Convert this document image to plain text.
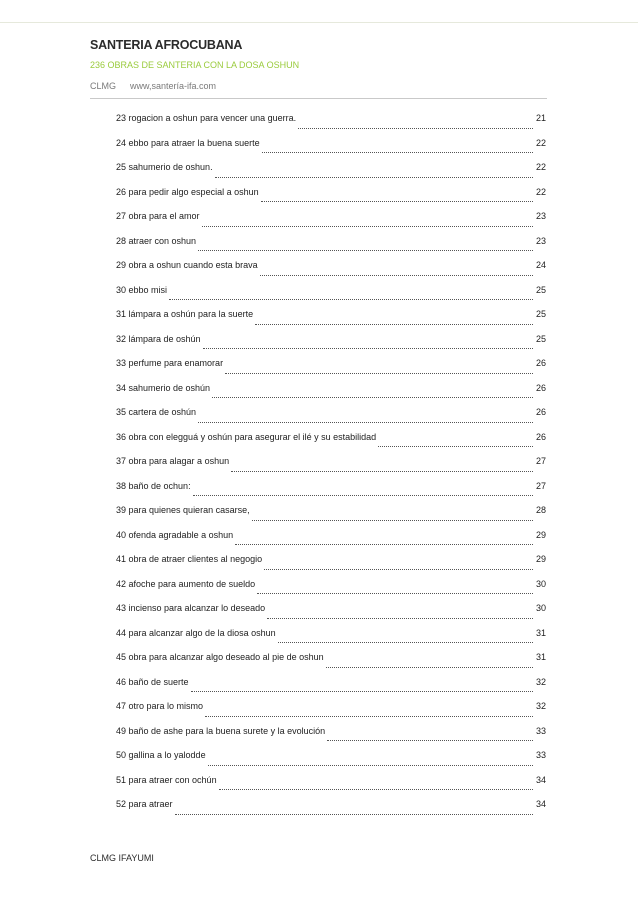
SANTERIA AFROCUBANA
236 OBRAS DE SANTERIA CON LA DOSA OSHUN
CLMG www,santería-ifa.com
23 rogacion a oshun para vencer una guerra.	21
24 ebbo para atraer la buena suerte	22
25 sahumerio de oshun.	22
26 para pedir algo especial a oshun	22
27 obra para el amor	23
28 atraer con oshun	23
29 obra a oshun cuando esta brava	24
30 ebbo misi	25
31 lámpara a oshún para la suerte	25
32 lámpara de oshún	25
33 perfume para enamorar	26
34 sahumerio de oshún	26
35 cartera de oshún	26
36 obra con elegguá y oshún para asegurar el ilé y su estabilidad	26
37 obra para alagar a oshun	27
38 baño de ochun:	27
39 para quienes quieran casarse,	28
40 ofenda agradable a oshun	29
41 obra de atraer clientes al negogio	29
42 afoche para aumento de sueldo	30
43 incienso para alcanzar lo deseado	30
44 para alcanzar algo de la diosa oshun	31
45 obra para alcanzar algo deseado al pie de oshun	31
46 baño de suerte	32
47 otro para lo mismo	32
49 baño de ashe para la buena surete y la evolución	33
50 gallina a lo yalodde	33
51 para atraer con ochún	34
52 para atraer	34
CLMG IFAYUMI
